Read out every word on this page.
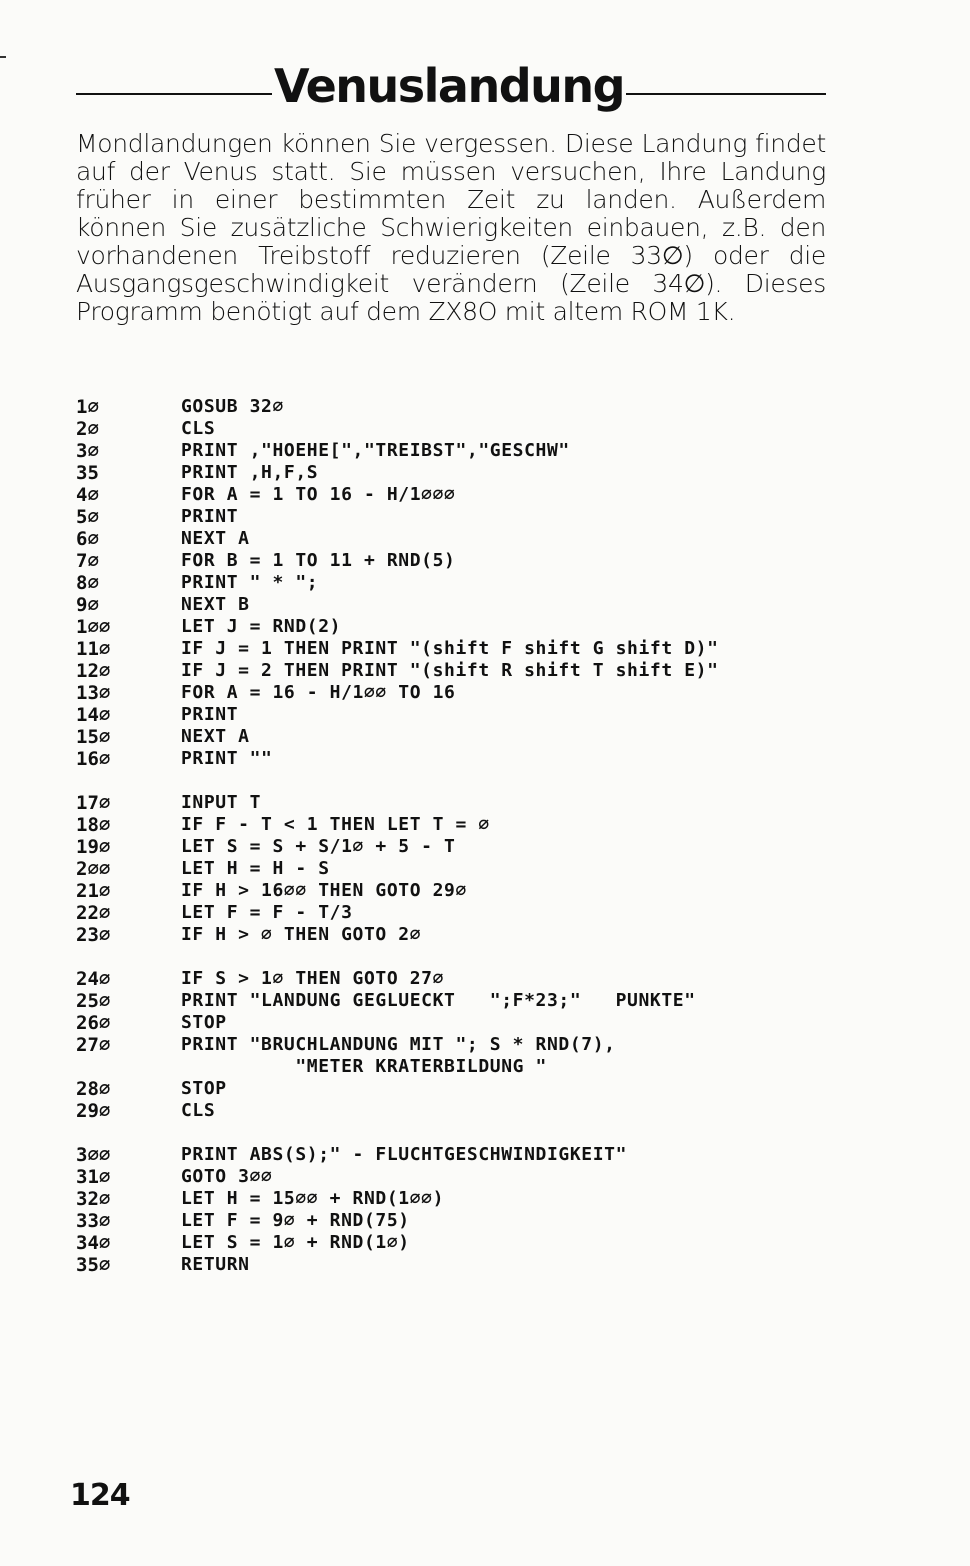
Venuslandung
Mondlandungen können Sie vergessen. Diese Landung findet auf der Venus statt. Sie müssen versuchen, Ihre Landung früher in einer bestimmten Zeit zu landen. Außerdem können Sie zusätzliche Schwierigkeiten einbauen, z.B. den vorhandenen Treibstoff reduzieren (Zeile 33∅) oder die Ausgangsgeschwindigkeit verändern (Zeile 34∅). Dieses Programm benötigt auf dem ZX8O mit altem ROM 1K.
1∅	GOSUB 32∅
2∅	CLS
3∅	PRINT ,"HOEHE[","TREIBST","GESCHW"
35	PRINT ,H,F,S
4∅	FOR A = 1 TO 16 - H/1∅∅∅
5∅	PRINT
6∅	NEXT A
7∅	FOR B = 1 TO 11 + RND(5)
8∅	PRINT " * ";
9∅	NEXT B
1∅∅	LET J = RND(2)
11∅	IF J = 1 THEN PRINT "(shift F shift G shift D)"
12∅	IF J = 2 THEN PRINT "(shift R shift T shift E)"
13∅	FOR A = 16 - H/1∅∅ TO 16
14∅	PRINT
15∅	NEXT A
16∅	PRINT ""
17∅	INPUT T
18∅	IF F - T < 1 THEN LET T = ∅
19∅	LET S = S + S/1∅ + 5 - T
2∅∅	LET H = H - S
21∅	IF H > 16∅∅ THEN GOTO 29∅
22∅	LET F = F - T/3
23∅	IF H > ∅ THEN GOTO 2∅
24∅	IF S > 1∅ THEN GOTO 27∅
25∅	PRINT "LANDUNG GEGLUECKT   ";F*23;"   PUNKTE"
26∅	STOP
27∅	PRINT "BRUCHLANDUNG MIT "; S * RND(7),
"METER KRATERBILDUNG "
28∅	STOP
29∅	CLS
3∅∅	PRINT ABS(S);" - FLUCHTGESCHWINDIGKEIT"
31∅	GOTO 3∅∅
32∅	LET H = 15∅∅ + RND(1∅∅)
33∅	LET F = 9∅ + RND(75)
34∅	LET S = 1∅ + RND(1∅)
35∅	RETURN
124
